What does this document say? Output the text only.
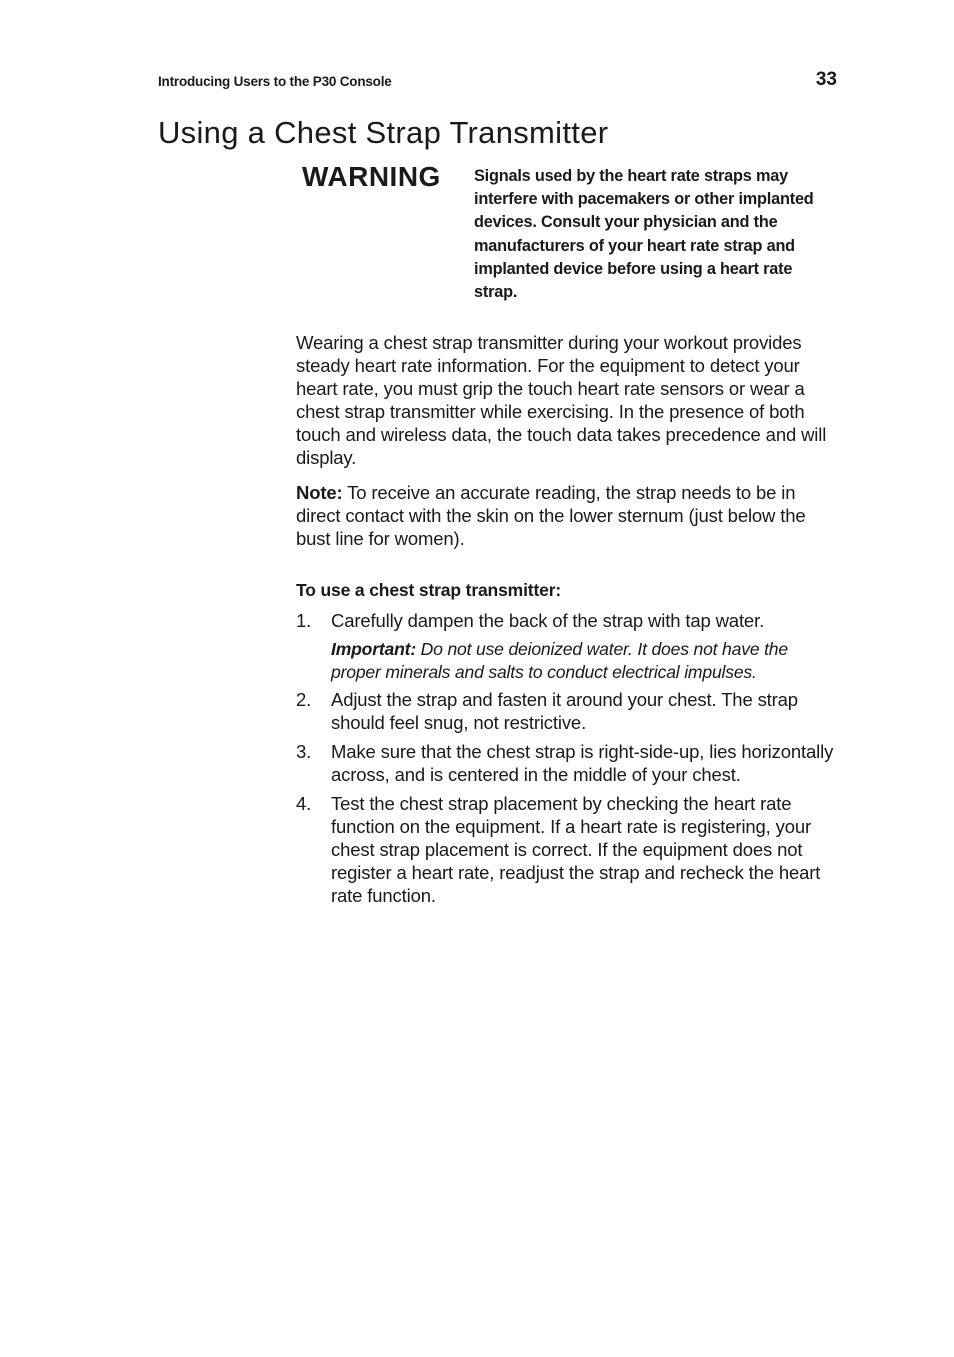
Introducing Users to the P30 Console	33
Using a Chest Strap Transmitter
WARNING Signals used by the heart rate straps may interfere with pacemakers or other implanted devices. Consult your physician and the manufacturers of your heart rate strap and implanted device before using a heart rate strap.

Wearing a chest strap transmitter during your workout provides steady heart rate information. For the equipment to detect your heart rate, you must grip the touch heart rate sensors or wear a chest strap transmitter while exercising. In the presence of both touch and wireless data, the touch data takes precedence and will display.

Note: To receive an accurate reading, the strap needs to be in direct contact with the skin on the lower sternum (just below the bust line for women).

To use a chest strap transmitter:
1. Carefully dampen the back of the strap with tap water.
Important: Do not use deionized water. It does not have the proper minerals and salts to conduct electrical impulses.
2. Adjust the strap and fasten it around your chest. The strap should feel snug, not restrictive.
3. Make sure that the chest strap is right-side-up, lies horizontally across, and is centered in the middle of your chest.
4. Test the chest strap placement by checking the heart rate function on the equipment. If a heart rate is registering, your chest strap placement is correct. If the equipment does not register a heart rate, readjust the strap and recheck the heart rate function.
